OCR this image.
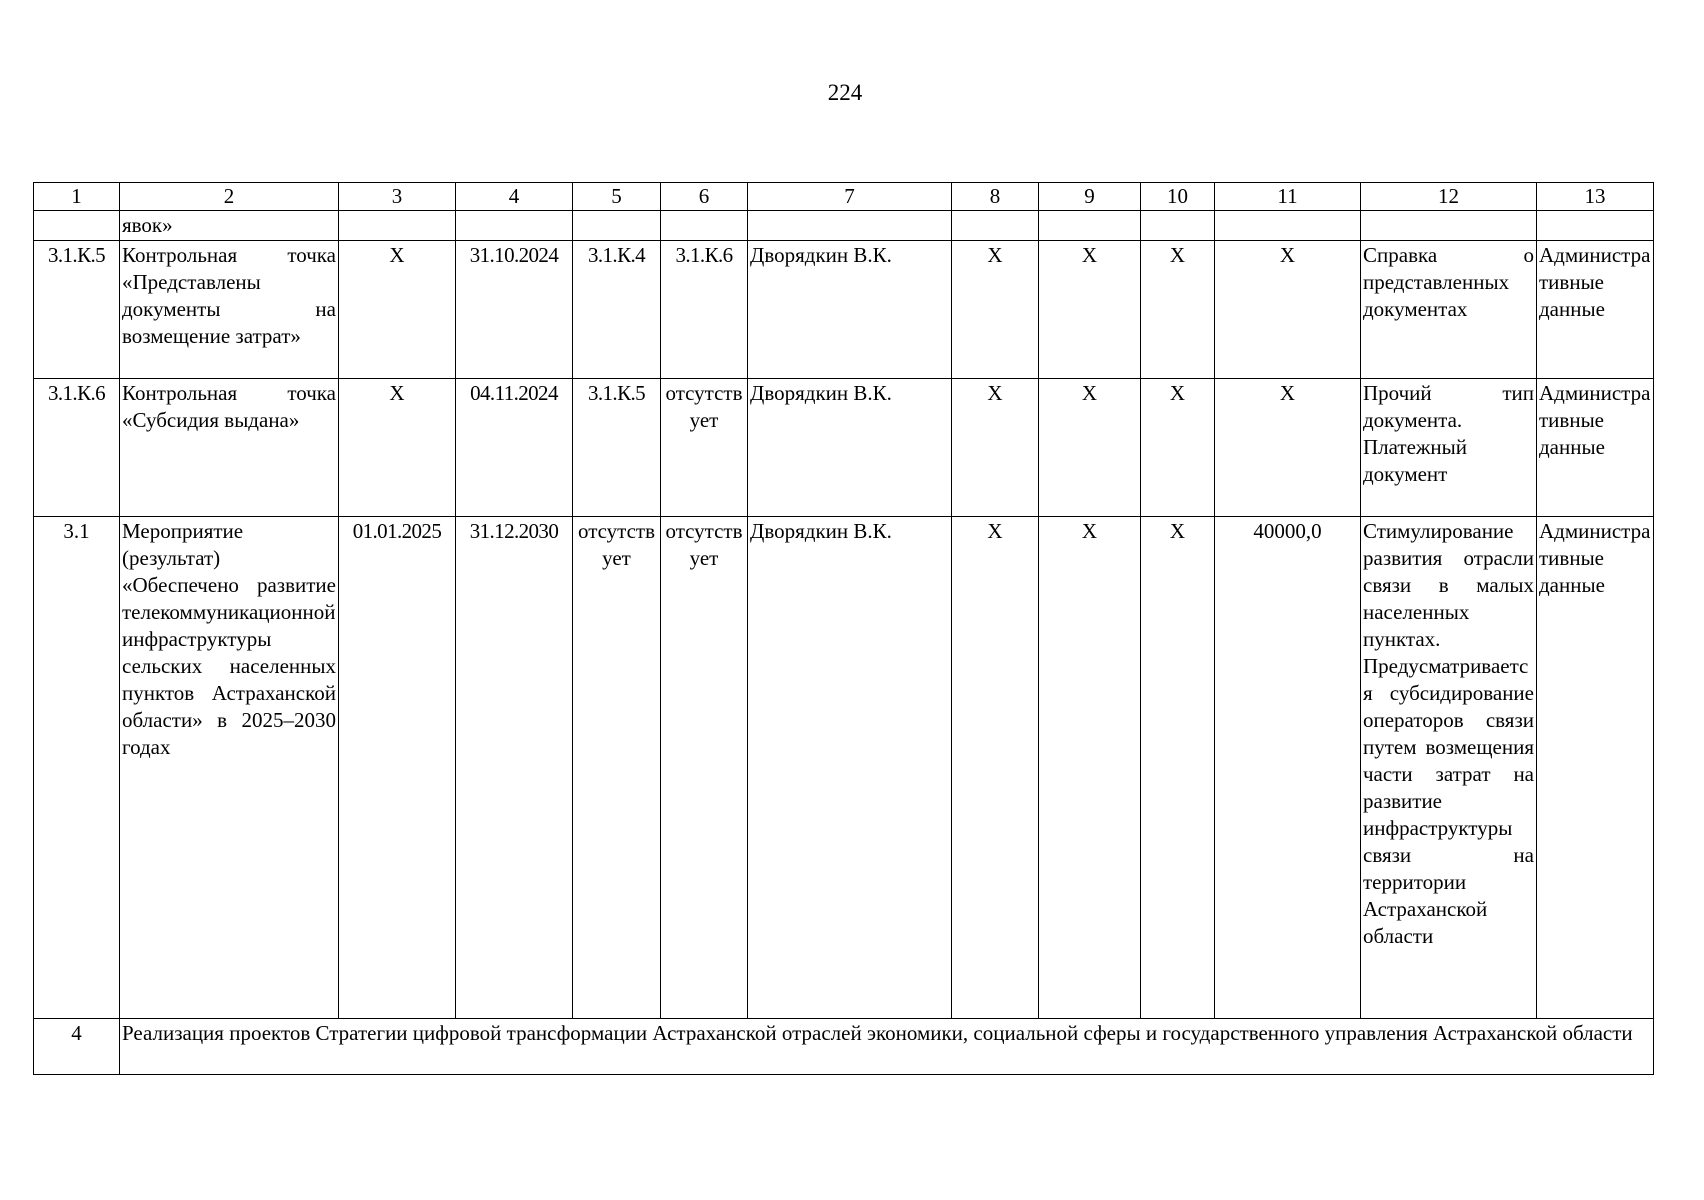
224
1	2	3	4	5	6	7	8	9	10	11	12	13
	явок»											
3.1.К.5	Контрольная точка «Представлены документы на возмещение затрат»	Х	31.10.2024	3.1.К.4	3.1.К.6	Дворядкин В.К.	Х	Х	Х	Х	Справка о представленных документах	Административные данные
3.1.К.6	Контрольная точка «Субсидия выдана»	Х	04.11.2024	3.1.К.5	отсутствует	Дворядкин В.К.	Х	Х	Х	Х	Прочий тип документа. Платежный документ	Административные данные
3.1	Мероприятие (результат) «Обеспечено развитие телекоммуникационной инфраструктуры сельских населенных пунктов Астраханской области» в 2025–2030 годах	01.01.2025	31.12.2030	отсутствует	отсутствует	Дворядкин В.К.	Х	Х	Х	40000,0	Стимулирование развития отрасли связи в малых населенных пунктах. Предусматривается субсидирование операторов связи путем возмещения части затрат на развитие инфраструктуры связи на территории Астраханской области	Административные данные
4	Реализация проектов Стратегии цифровой трансформации Астраханской отраслей экономики, социальной сферы и государственного управления Астраханской области											
